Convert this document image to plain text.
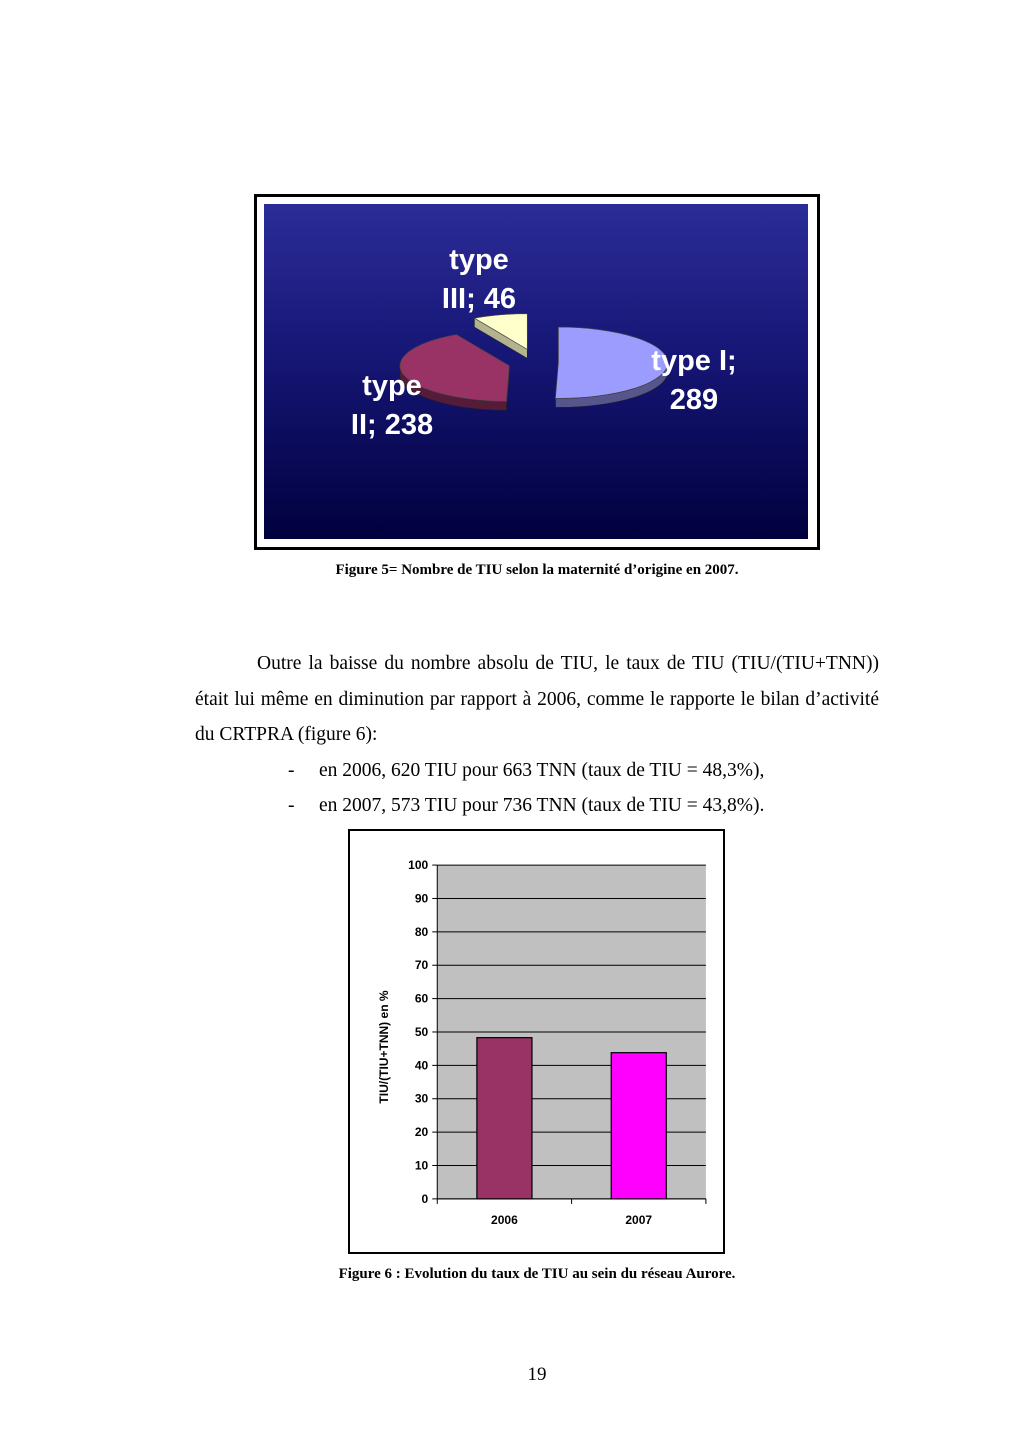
type I;
289
type
II; 238
type
III; 46
Figure 5= Nombre de TIU selon la maternité d’origine en 2007.

Outre la baisse du nombre absolu de TIU, le taux de TIU (TIU/(TIU+TNN)) était lui même en diminution par rapport à 2006, comme le rapporte le bilan d’activité du CRTPRA (figure 6):

- en 2006, 620 TIU pour 663 TNN (taux de TIU = 48,3%),

- en 2007, 573 TIU pour 736 TNN (taux de TIU = 43,8%).

0
10
20
30
40
50
60
70
80
90
100
2006	2007
TIU/(TIU+TNN) en %
Figure 6 : Evolution du taux de TIU au sein du réseau Aurore.
19
